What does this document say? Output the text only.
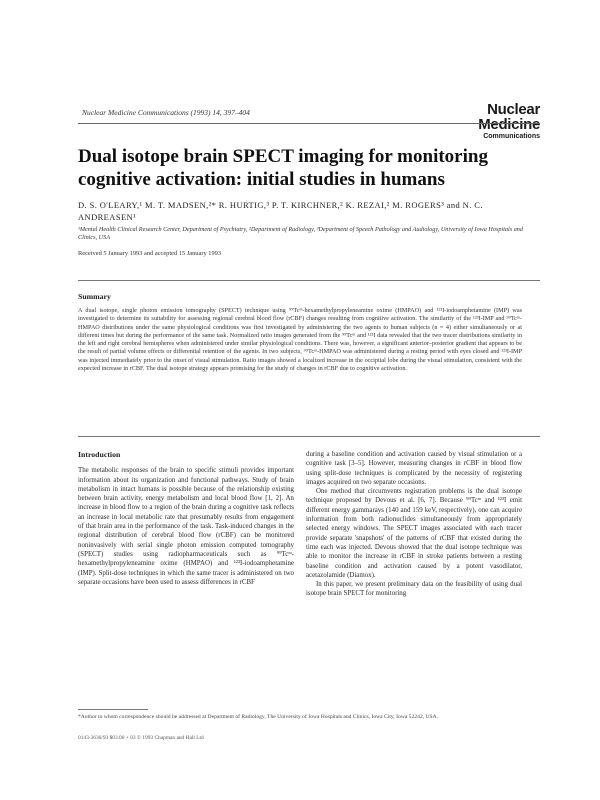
Nuclear Medicine Communications (1993) 14, 397–404	Nuclear
Medicine
Communications
Dual isotope brain SPECT imaging for monitoring cognitive activation: initial studies in humans
D. S. O'LEARY,¹ M. T. MADSEN,²* R. HURTIG,³ P. T. KIRCHNER,² K. REZAI,² M. ROGERS³ and N. C. ANDREASEN¹
¹Mental Health Clinical Research Center, Department of Psychiatry, ²Department of Radiology, ³Department of Speech Pathology and Audiology, University of Iowa Hospitals and Clinics, USA
Received 5 January 1993 and accepted 15 January 1993
Summary

A dual isotope, single photon emission tomography (SPECT) technique using ⁹⁹Tcᵐ-hexamethylpropyleneamine oxime (HMPAO) and ¹²³I-iodoamphetamine (IMP) was investigated to determine its suitability for assessing regional cerebral blood flow (rCBF) changes resulting from cognitive activation. The similarity of the ¹²³I-IMP and ⁹⁹Tcᵐ-HMPAO distributions under the same physiological conditions was first investigated by administering the two agents to human subjects (n = 4) either simultaneously or at different times but during the performance of the same task. Normalized ratio images generated from the ⁹⁹Tcᵐ and ¹²³I data revealed that the two tracer distributions similarity in the left and right cerebral hemispheres when administered under similar physiological conditions. There was, however, a significant anterior–posterior gradient that appears to be the result of partial volume effects or differential retention of the agents. In two subjects, ⁹⁹Tcᵐ-HMPAO was administered during a resting period with eyes closed and ¹²³I-IMP was injected immediately prior to the onset of visual stimulation. Ratio images showed a localized increase in the occipital lobe during the visual stimulation, consistent with the expected increase in rCBF. The dual isotope strategy appears promising for the study of changes in rCBF due to cognitive activation.

Introduction

The metabolic responses of the brain to specific stimuli provides important information about its organization and functional pathways. Study of brain metabolism in intact humans is possible because of the relationship existing between brain activity, energy metabolism and local blood flow [1, 2]. An increase in blood flow to a region of the brain during a cognitive task reflects an increase in local metabolic rate that presumably results from engagement of that brain area in the performance of the task. Task-induced changes in the regional distribution of cerebral blood flow (rCBF) can be monitored noninvasively with serial single photon emission computed tomography (SPECT) studies using radiopharmaceuticals such as ⁹⁹Tcᵐ-hexamethylpropyleneamine oxime (HMPAO) and ¹²³I-iodoamphetamine (IMP). Split-dose techniques in which the same tracer is administered on two separate occasions have been used to assess differences in rCBF

during a baseline condition and activation caused by visual stimulation or a cognitive task [3–5]. However, measuring changes in rCBF in blood flow using split-dose techniques is complicated by the necessity of registering images acquired on two separate occasions.

One method that circumvents registration problems is the dual isotope technique proposed by Devous et al. [6, 7]. Because ⁹⁹Tcᵐ and ¹²³I emit different energy gammarays (140 and 159 keV, respectively), one can acquire information from both radionuclides simultaneously from appropriately selected energy windows. The SPECT images associated with each tracer provide separate 'snapshots' of the patterns of rCBF that existed during the time each was injected. Devous showed that the dual isotope technique was able to monitor the increase in rCBF in stroke patients between a resting baseline condition and activation caused by a potent vasodilator, acetazolamide (Diamox).

In this paper, we present preliminary data on the feasibility of using dual isotope brain SPECT for monitoring

*Author to whom correspondence should be addressed at Department of Radiology, The University of Iowa Hospitals and Clinics, Iowa City, Iowa 52242, USA.
0143-3636/93 $03.00 + 03 © 1993 Chapman and Hall Ltd
